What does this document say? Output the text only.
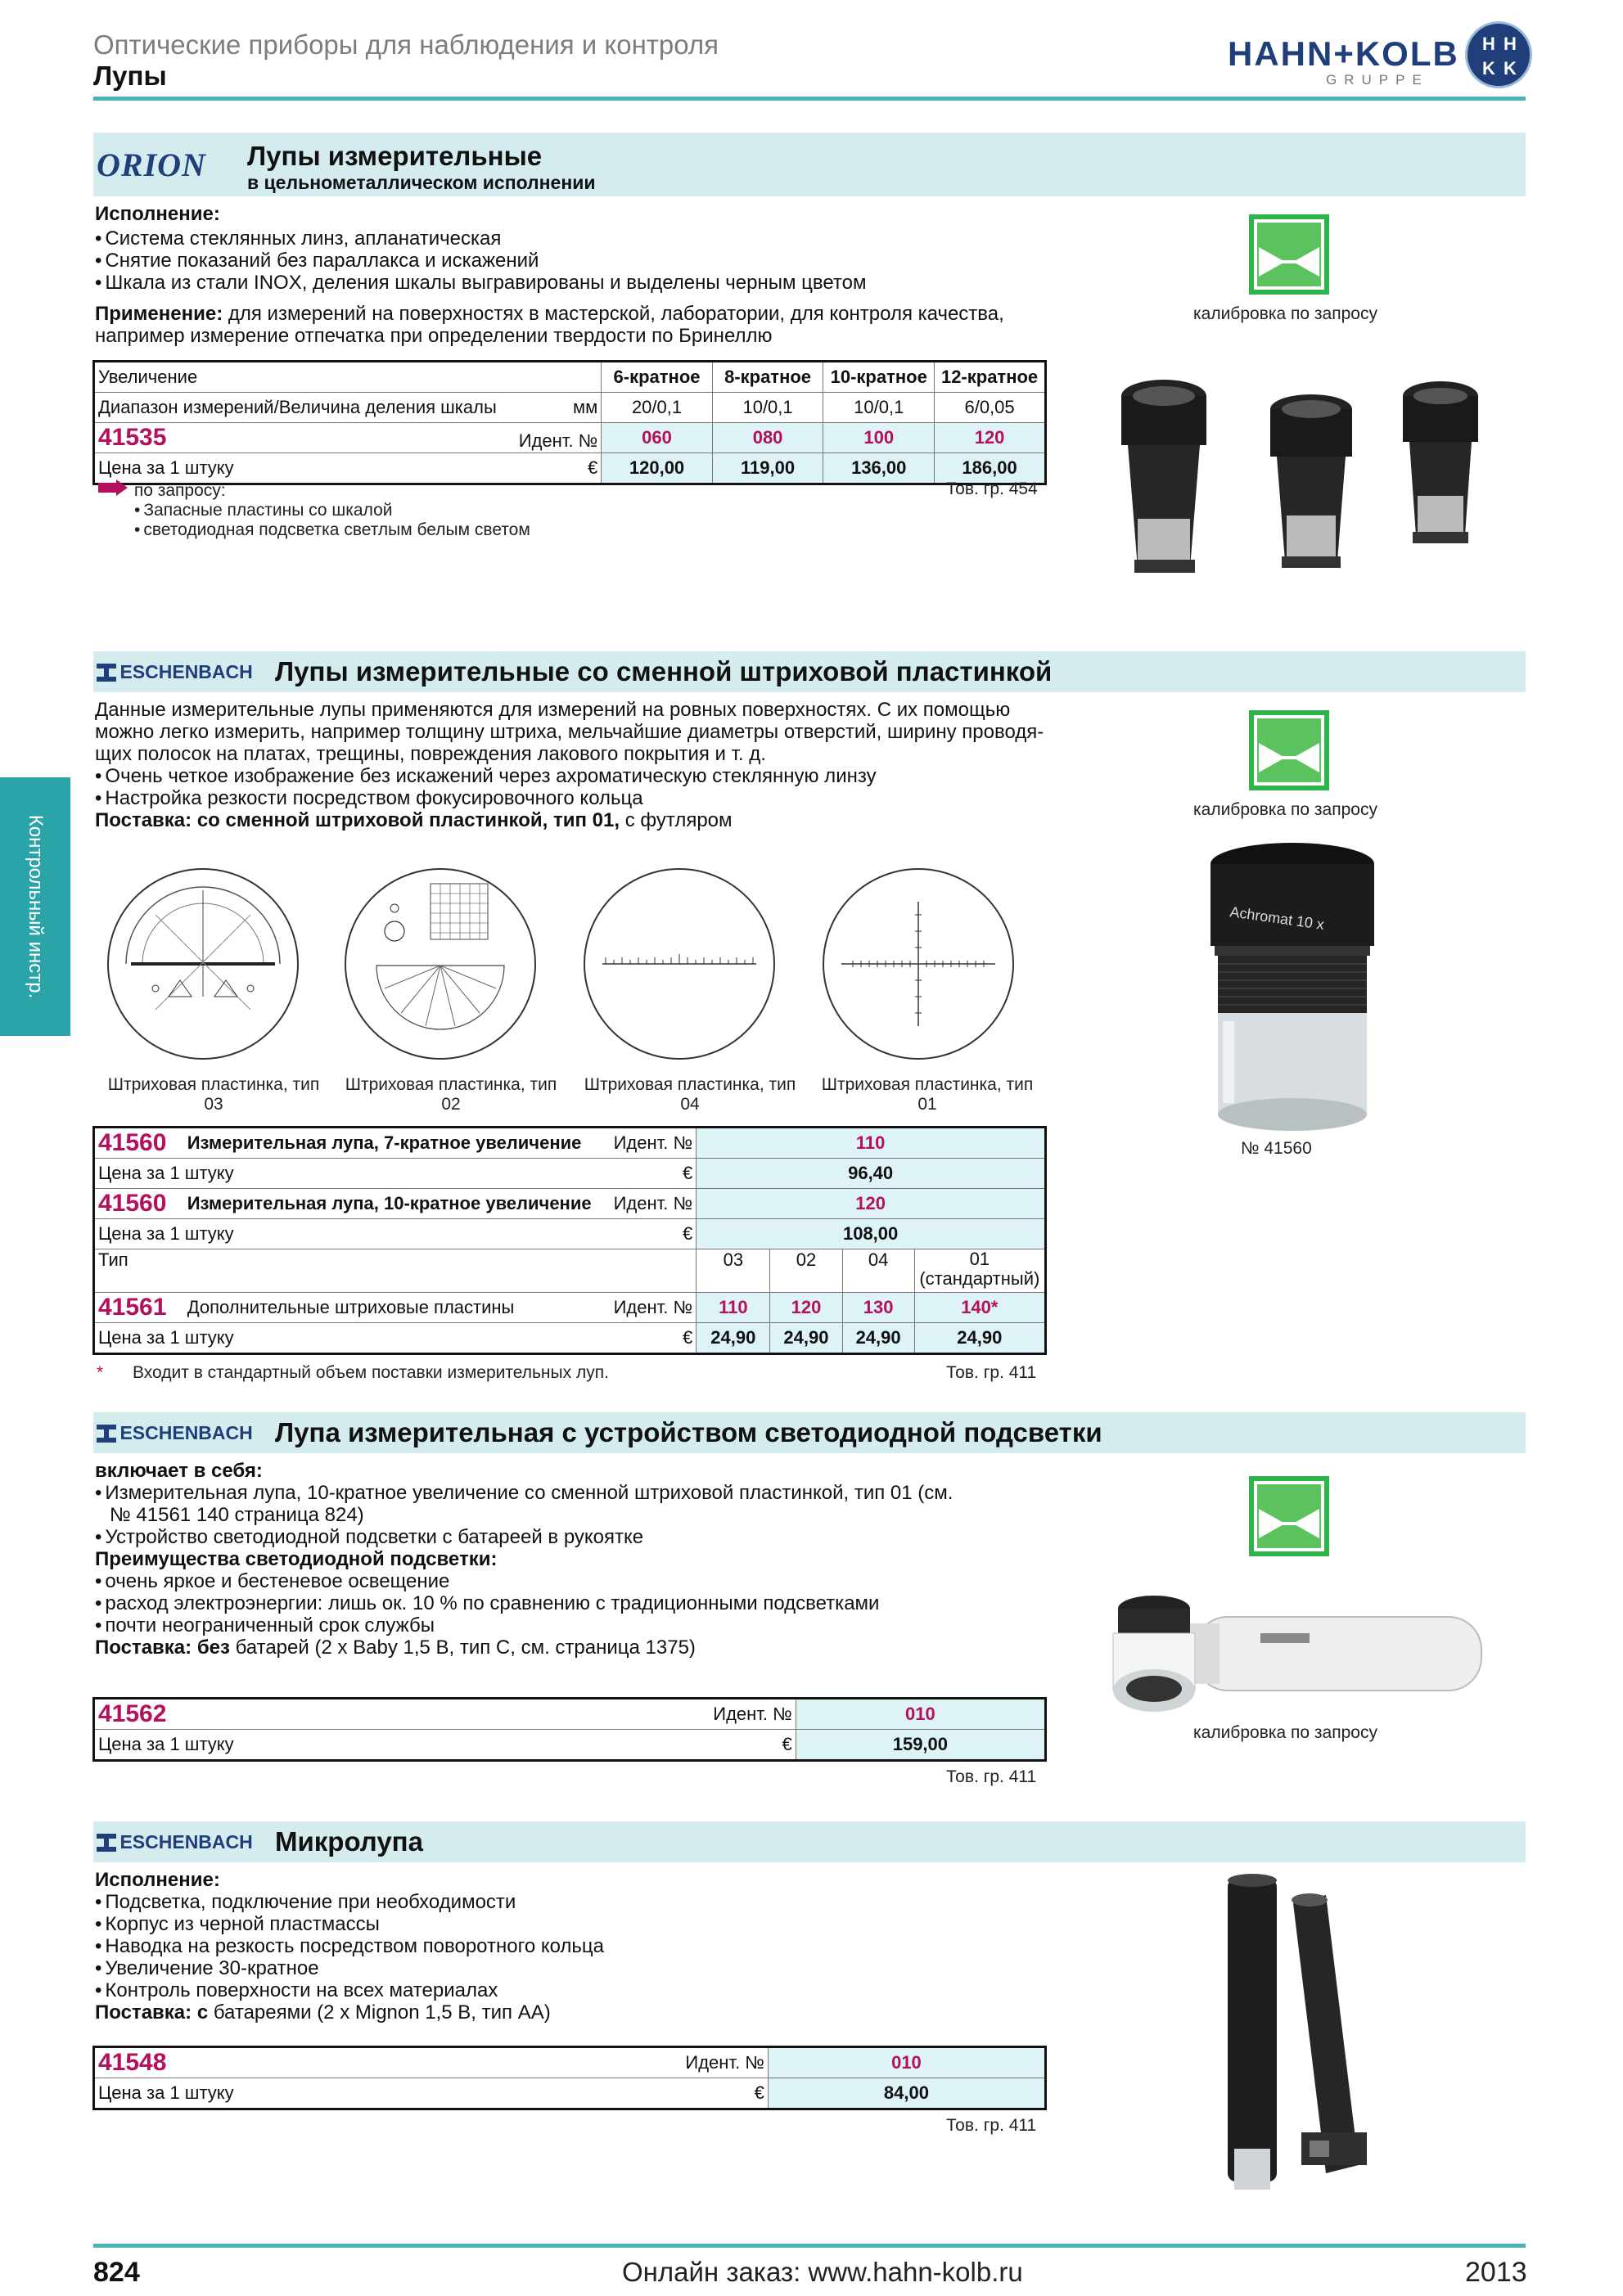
Оптические приборы для наблюдения и контроля
Лупы
HAHN+KOLB
GRUPPE
H H
K K
Контрольный инстр.
ORION	Лупы измерительные
в цельнометаллическом исполнении
Исполнение:
• Система стеклянных линз, апланатическая
• Снятие показаний без параллакса и искажений
• Шкала из стали INOX, деления шкалы выгравированы и выделены черным цветом
Применение: для измерений на поверхностях в мастерской, лаборатории, для контроля качества,
например измерение отпечатка при определении твердости по Бринеллю
Увеличение	6-кратное	8-кратное	10-кратное	12-кратное
Диапазон измерений/Величина деления шкалы мм	20/0,1	10/0,1	10/0,1	6/0,05
41535 Идент. №	060	080	100	120
Цена за 1 штуку €	120,00	119,00	136,00	186,00
по запросу:
• Запасные пластины со шкалой
• светодиодная подсветка светлым белым светом
Тов. гр. 454
калибровка по запросу
ESCHENBACH Лупы измерительные со сменной штриховой пластинкой
Данные измерительные лупы применяются для измерений на ровных поверхностях. С их помощью
можно легко измерить, например толщину штриха, мельчайшие диаметры отверстий, ширину проводя-
щих полосок на платах, трещины, повреждения лакового покрытия и т. д.
• Очень четкое изображение без искажений через ахроматическую стеклянную линзу
• Настройка резкости посредством фокусировочного кольца
Поставка: со сменной штриховой пластинкой, тип 01, с футляром
Штриховая пластинка, тип 03
Штриховая пластинка, тип 02
Штриховая пластинка, тип 04
Штриховая пластинка, тип 01
41560	Измерительная лупа, 7-кратное увеличение	Идент. №	110			
Цена за 1 штуку €			96,40			
41560	Измерительная лупа, 10-кратное увеличение	Идент. №	120			
Цена за 1 штуку €			108,00			
Тип			03	02	04	01
(стандартный)

41561	Дополнительные штриховые пластины	Идент. №	110	120	130	140*
Цена за 1 штуку €			24,90	24,90	24,90	24,90
* Входит в стандартный объем поставки измерительных луп.	Тов. гр. 411
калибровка по запросу
Achromat 10 x
№ 41560
ESCHENBACH Лупа измерительная с устройством светодиодной подсветки
включает в себя:
• Измерительная лупа, 10-кратное увеличение со сменной штриховой пластинкой, тип 01 (см.
№ 41561 140 страница 824)
• Устройство светодиодной подсветки с батареей в рукоятке
Преимущества светодиодной подсветки:
• очень яркое и бестеневое освещение
• расход электроэнергии: лишь ок. 10 % по сравнению с традиционными подсветками
• почти неограниченный срок службы
Поставка: без батарей (2 x Baby 1,5 В, тип C, см. страница 1375)
41562 Идент. №	010
Цена за 1 штуку €	159,00
Тов. гр. 411
калибровка по запросу
ESCHENBACH Микролупа
Исполнение:
• Подсветка, подключение при необходимости
• Корпус из черной пластмассы
• Наводка на резкость посредством поворотного кольца
• Увеличение 30-кратное
• Контроль поверхности на всех материалах
Поставка: с батареями (2 x Mignon 1,5 В, тип AA)
41548 Идент. №	010
Цена за 1 штуку €	84,00
Тов. гр. 411
824	Онлайн заказ: www.hahn-kolb.ru	2013
